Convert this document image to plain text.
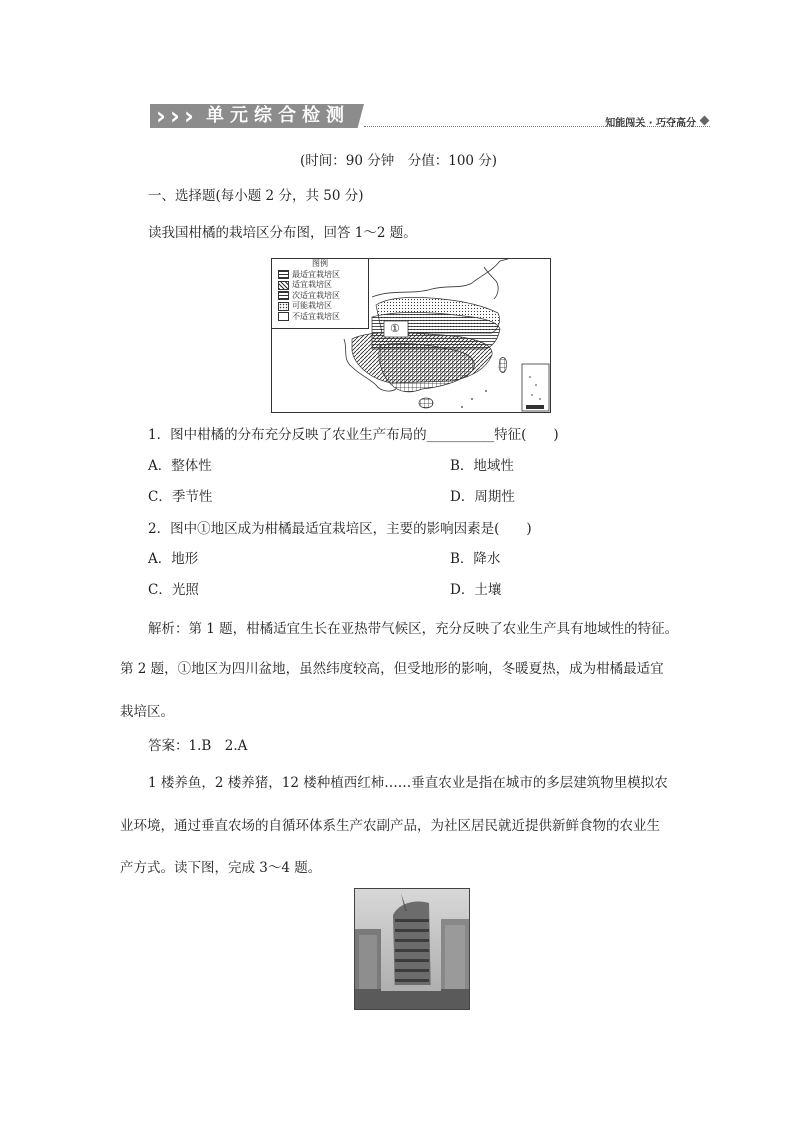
› › › 单元综合检测	知能闯关 · 巧夺高分
(时间：90 分钟　分值：100 分)
一、选择题(每小题 2 分，共 50 分)
读我国柑橘的栽培区分布图，回答 1～2 题。
①
图例
最适宜栽培区
适宜栽培区
次适宜栽培区
可能栽培区
不适宜栽培区
1．图中柑橘的分布充分反映了农业生产布局的__________特征(　　)
A．整体性	B．地域性
C．季节性	D．周期性
2．图中①地区成为柑橘最适宜栽培区，主要的影响因素是(　　)
A．地形	B．降水
C．光照	D．土壤
解析：第 1 题，柑橘适宜生长在亚热带气候区，充分反映了农业生产具有地域性的特征。
第 2 题，①地区为四川盆地，虽然纬度较高，但受地形的影响，冬暖夏热，成为柑橘最适宜
栽培区。
答案：1.B　2.A
1 楼养鱼，2 楼养猪，12 楼种植西红柿……垂直农业是指在城市的多层建筑物里模拟农
业环境，通过垂直农场的自循环体系生产农副产品，为社区居民就近提供新鲜食物的农业生
产方式。读下图，完成 3～4 题。
